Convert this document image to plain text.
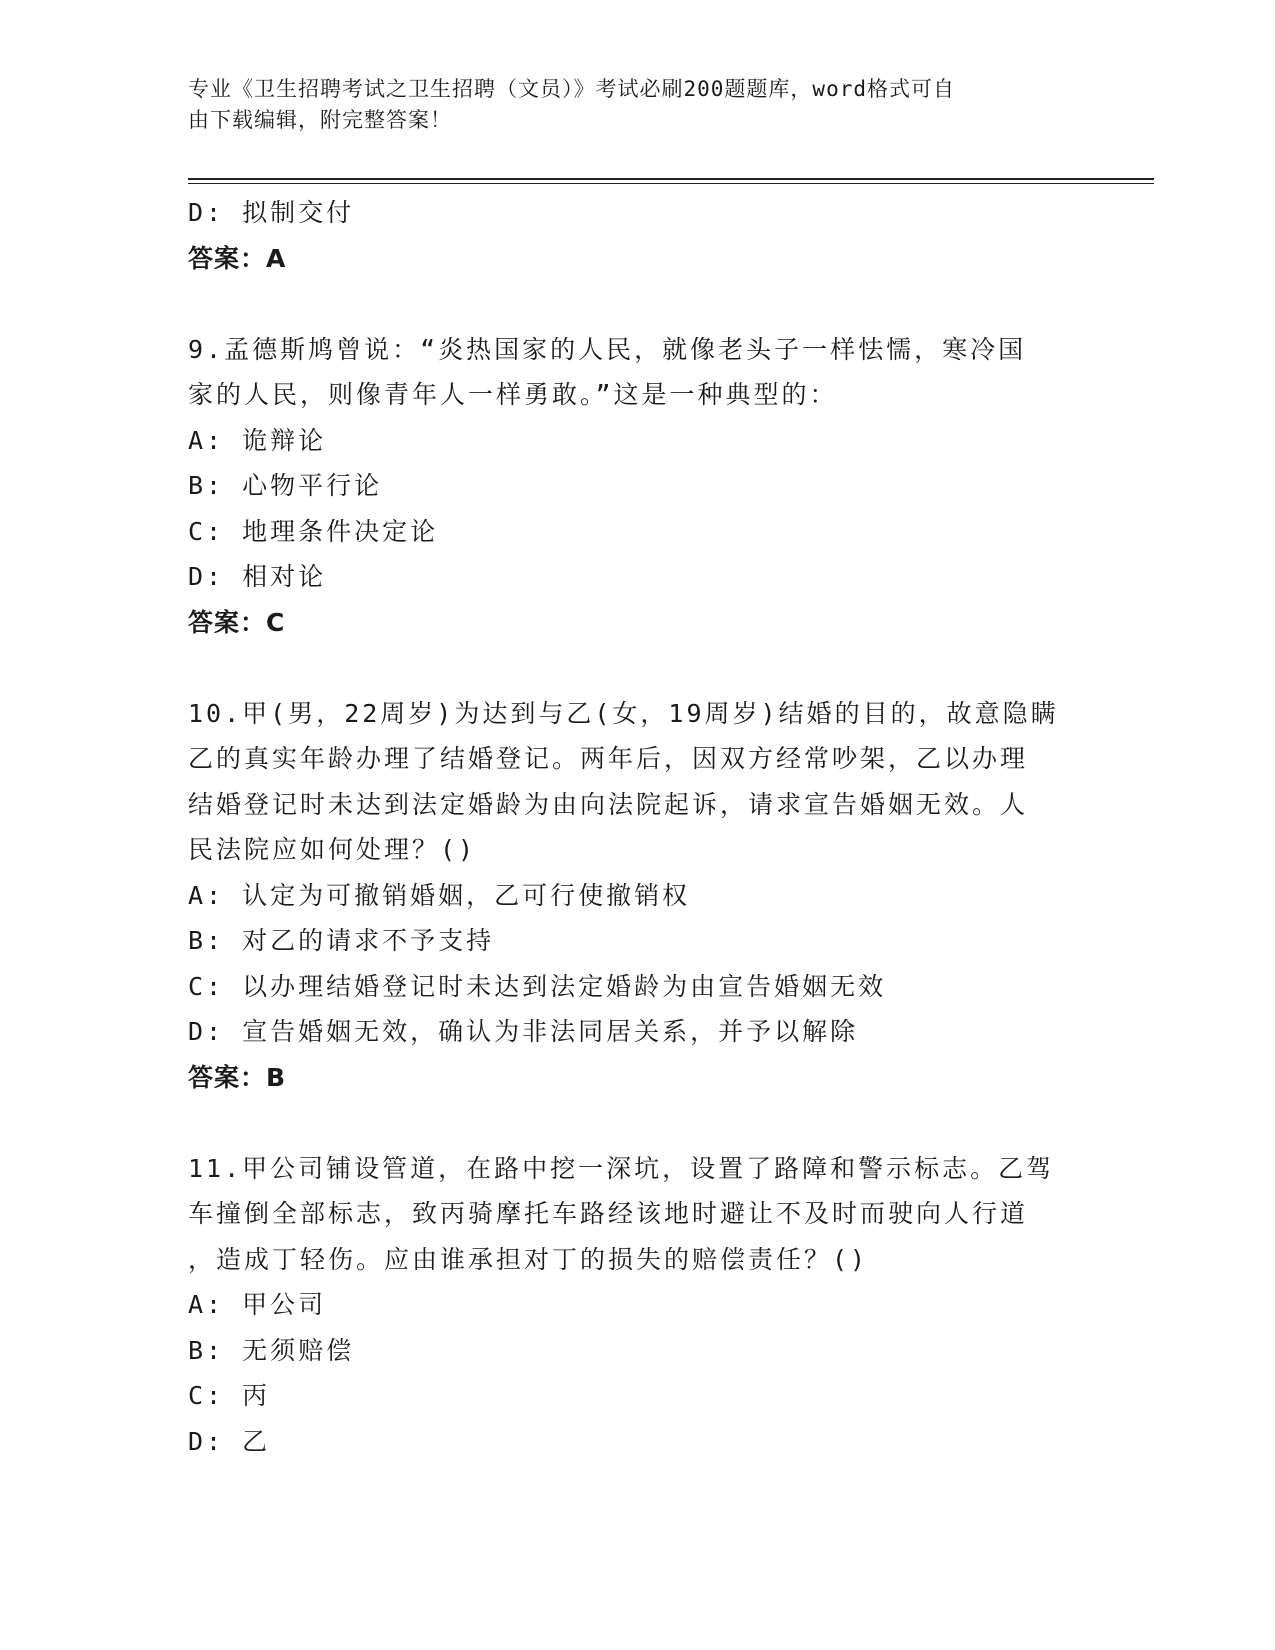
专业《卫生招聘考试之卫生招聘（文员）》考试必刷200题题库，word格式可自
由下载编辑，附完整答案！
D: 拟制交付
答案：A
9.孟德斯鸠曾说：“炎热国家的人民，就像老头子一样怯懦，寒冷国
家的人民，则像青年人一样勇敢。”这是一种典型的：
A: 诡辩论
B: 心物平行论
C: 地理条件决定论
D: 相对论
答案：C
10.甲(男，22周岁)为达到与乙(女，19周岁)结婚的目的，故意隐瞒
乙的真实年龄办理了结婚登记。两年后，因双方经常吵架，乙以办理
结婚登记时未达到法定婚龄为由向法院起诉，请求宣告婚姻无效。人
民法院应如何处理？()
A: 认定为可撤销婚姻，乙可行使撤销权
B: 对乙的请求不予支持
C: 以办理结婚登记时未达到法定婚龄为由宣告婚姻无效
D: 宣告婚姻无效，确认为非法同居关系，并予以解除
答案：B
11.甲公司铺设管道，在路中挖一深坑，设置了路障和警示标志。乙驾
车撞倒全部标志，致丙骑摩托车路经该地时避让不及时而驶向人行道
，造成丁轻伤。应由谁承担对丁的损失的赔偿责任？()
A: 甲公司
B: 无须赔偿
C: 丙
D: 乙
